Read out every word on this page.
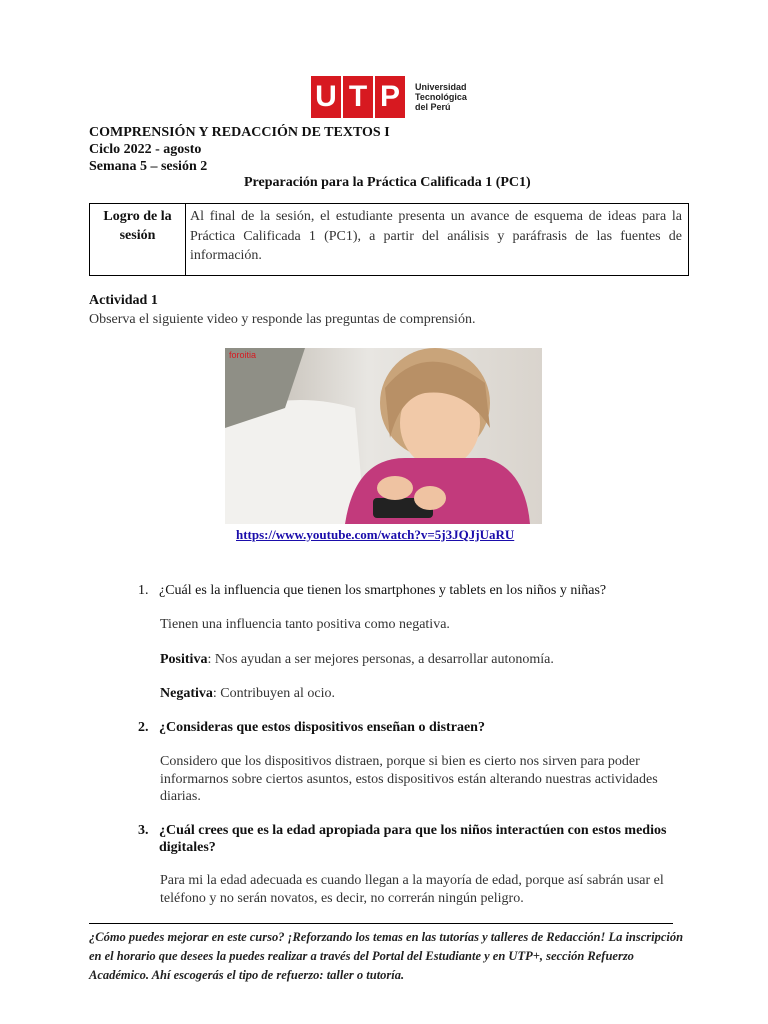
U T P	Universidad
Tecnológica
del Perú
COMPRENSIÓN Y REDACCIÓN DE TEXTOS I
Ciclo 2022 - agosto
Semana 5 – sesión 2
Preparación para la Práctica Calificada 1 (PC1)
Logro de la sesión
Al final de la sesión, el estudiante presenta un avance de esquema de ideas para la Práctica Calificada 1 (PC1), a partir del análisis y paráfrasis de las fuentes de información.
Actividad 1
Observa el siguiente video y responde las preguntas de comprensión.
foroitia
https://www.youtube.com/watch?v=5j3JQJjUaRU
1. ¿Cuál es la influencia que tienen los smartphones y tablets en los niños y niñas?
Tienen una influencia tanto positiva como negativa.
Positiva: Nos ayudan a ser mejores personas, a desarrollar autonomía.
Negativa: Contribuyen al ocio.
2. ¿Consideras que estos dispositivos enseñan o distraen?
Considero que los dispositivos distraen, porque si bien es cierto nos sirven para poder informarnos sobre ciertos asuntos, estos dispositivos están alterando nuestras actividades diarias.
3. ¿Cuál crees que es la edad apropiada para que los niños interactúen con estos medios digitales?
Para mi la edad adecuada es cuando llegan a la mayoría de edad, porque así sabrán usar el teléfono y no serán novatos, es decir, no correrán ningún peligro.
¿Cómo puedes mejorar en este curso? ¡Reforzando los temas en las tutorías y talleres de Redacción! La inscripción en el horario que desees la puedes realizar a través del Portal del Estudiante y en UTP+, sección Refuerzo Académico. Ahí escogerás el tipo de refuerzo: taller o tutoría.
